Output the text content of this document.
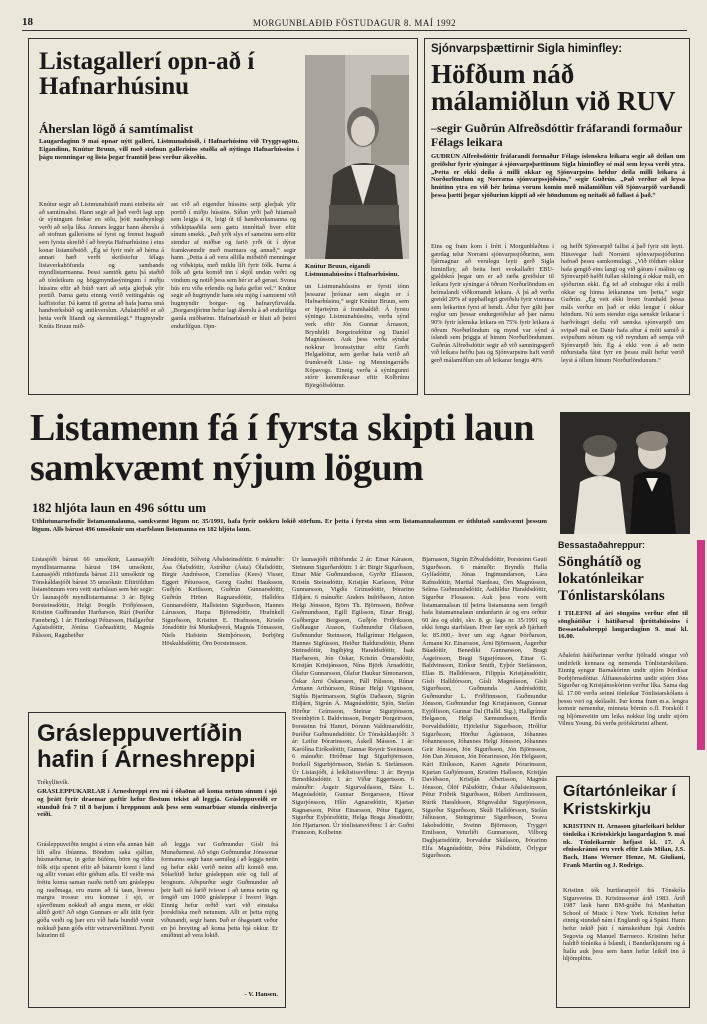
18	MORGUNBLAÐIÐ FÖSTUDAGUR 8. MAÍ 1992
Listagallerí opn-að í Hafnarhúsinu
Áherslan lögð á samtímalist
Laugardaginn 9 maí opnar nýtt gallerí, Listmunahúsið, í Hafnarhúsinu við Tryggvagötu. Eigandinn, Knútur Bruun, vill með stofnun gallerísins stuðla að nýtingu Hafnarhússins í þágu menningar og lista þegar framtíð þess verður ákveðin.
Knútur segir að Listmunahúsið muni einbeita sér að samtímalist. Hann segir að það verði lagt upp úr sýningum frekar en sölu, þótt nauðsynlegt verði að selja líka. Annars leggur hann áherslu á að stofnun gallerísins sé fyrst og fremst hugsuð sem fyrsta skrefið í að breyta Hafnarhúsinu í eins konar listamiðstöð. „Ég sé fyrir mér að hérna á annari hæð verði skrifstofur félags listaverkahöfunda og sambands myndlistarmanna. Þessi samtök gætu þá staðið að tónleikum og höggmyndasýningum í miðju hússins eftir að búið væri að setja glerþak yfir portið. Þarna gætu einnig verið veitingahús og kaffistofur. Þá kæmi til greina að hafa þarna smá handverksbúð og antikverslun. Aðalatriðið er að þetta verði lifandi og skemmtilegt.“ Hugmyndir Knúts Bruun mið-
ast við að eigendur hússins setji glerþak yfir portið í miðju hússins. Síðan yrði það hitamað sem leigja á öt, leigt út til handverksmanna og viðskiptaaðila sem gætu innréttað hver eftir sínum smekk. „Það yrði slys ef sameinu sem eftir stendur af miðbæ og fariö yrði út í dýrar framkvæmdir með marmara og annað,“ segir hann. „Þetta á að vera allilla miðstöð menningar og viðskipta, með miklu lífi fyrir fólk. Þarna á fólk að geta komið inn í skjól undan veðri og vindum og notið þess sem hér er að gerast. Svona hús eru víða erlendis og hafa gefist vel.“ Knútur segir að hugmyndir hans séu mjög í samræmi við hugmyndir borgar- og hafnaryfirvalda. „Borgarstjórinn hefur lagt áherslu á að endurlífga gamla miðbæinn. Hafnarhúsið er hluti að þeirri endurlífgun. Opn-
Knútur Bruun, eigandi Listmunahússins í Hafnarhúsinu.
un Listmunahússins er fyrsti tónn þessarar þróunar sem slegin er í Hafnarhúsinu,“ segir Knútur Bruun, sem er bjartsýnn á framhaldið. Á fyrstu sýningu Listmunahússins, verða sýnd verk eftir Jón Gunnar Árnason, Brynhildi Þorgeirsdóttur og Daníel Magnússon. Auk þess verða sýndar nokkrar bronsstyttur eftir Gerði Helgadóttur, sem gerðar hafa verið að frumkvæði Lista- og Menningarráðs Kópavogs. Einnig verða á sýningunni stórir keramikvasar eftir Kolbrúnu Björgólfsdóttur.
Sjónvarpsþættirnir Sigla himinfley:
Höfðum náð málamiðlun við RUV
–segir Guðrún Alfreðsdóttir fráfarandi formaður Félags leikara
GUÐRÚN Alfreðsdóttir fráfarandi formaður Félags íslenskra leikara segir að deilan um greiðslur fyrir sýningar á sjónvarpsþættinum Sigla himinfley sé mál sem leysa verði ytra. „Þetta er ekki deila á milli okkar og Sjónvarpsins heldur deila milli leikara á Norðurlöndum og Norræna sjónvarpssjóðsins,“ segir Guðrún. „Það verður að leysa hnútinn ytra en við hér heima vorum komin með málamiðlun við Sjónvarpið varðandi þessa þætti þegar sjóðurinn kippti að sér höndunum og neitaði að fallast á það.“
Eins og fram kom í frétt í Morgunblaðinu í gærdag telur Norræni sjónvarpssjóðurinn, sem fjármagnar að verulegu leyti gerð Sigla himinfley, að beita beri svokallaðri EBU-gjaldskrá þegar um er að ræða greiðslur til leikara fyrir sýningar á öðrum Norðurlöndum en heimalandi viðkomandi leikara. Á þá að verða greidd 20% af upphaflegri greiðslu fyrir vinnuna sem leikarinn fyrst af hendi. Áður fyrr gilti þær reglur um þessar endurgreiðslur að þær námu 90% fyrir íslenska leikara en 75% fyrir leikara á öðrum Norðurlöndum og mynd var sýnd á íslandi sem þriggja af hinum Norðurlöndunum. Guðrún Alfreðsdóttir segir að við samningsgerð við leikara hefðu þau og Sjónvarpsins haft verið gerð málamiðlun um að leikarar fengju 40%
og hefði Sjónvarpið fallist á það fyrir sitt leyti. Hinsvegar hafi Norræni sjónvarpssjóðurinn hafnað þessu samkomulagi. „Við töldum okkur hafa gengið eins langt og við gátum í málinu og Sjónvarpið hafði fullan skilning á okkar máli, en sjóðurinn ekki. Ég tel að einhugur ríki á milli okkar og hinna leikaranna um þetta,“ segir Guðrún. „Ég veit ekki hvert framhald þessa máls verður en það er ekki lengur í okkar höndum. Nú sem stendur eiga sænskir leikarar í harðvítugri deilu við sænska sjónvarpið um svipað mál en Danir hafa aftur á móti samið á svipuðum nótum og við reyndum að semja við Sjónvarpið hér. Ég á ekki von á að nein niðurstaða fáist fyrr en þessu máli hefur verið leyst á öllum hinum Norðurlöndunum.“
Listamenn fá í fyrsta skipti laun samkvæmt nýjum lögum
182 hljóta laun en 496 sóttu um
Úthlutunarnefndir listamannalauna, samkvæmt lögum nr. 35/1991, hafa fyrir nokkru lokið störfum. Er þetta í fyrsta sinn sem listamannalaunum er úthlutað samkvæmt þessum lögum. Alls bárust 496 umsóknir um starfslaun listamanna en 182 hljóta laun.
Listasjóði bárust 66 umsóknir, Launasjóði myndlistarmanna bárust 184 umsóknir, Launasjóði rithöfunda bárust 211 umsóknir og Tónskáldasjóði bárust 35 umsóknir. Eftirtöldum listamönnum voru veitt starfslaun sem hér segir: Úr launasjóði myndlistarmanna: 3 ár: Björg Þorsteinsdóttir, Helgi Þorgils Friðjónsson, Kristinn Guðbrandur Harðarson, Rúrí (Þuríður Fannberg). 1 ár: Finnbogi Pétursson, Hallgerður Ágústsdóttir, Jónína Guðnadóttir, Magnús Pálsson, Ragnheiður
Jónsdóttir, Sólveig Aðalsteinsdóttir. 6 mánuðir: Ása Ólafsdóttir, Ástríður (Ásta) Ólafsdóttir, Birgir Andrésson, Cornelíus (Kees) Visser, Eggert Pétursson, Georg Guðni Hauksson, Guðjón Ketilsson, Guðrún Gunnarsdóttir, Guðrún Hrönn Ragnarsdóttir, Halldóra Gunnarsdóttir, Hallsteinn Sigurðsson, Hannes Lárusson, Harpa Björnsdóttir, Hrafnkell Sigurðsson, Kristinn E. Hrafnsson, Kristín Jónsdóttir frá Munkaþverá, Magnús Tómasson, Níels Hafstein Steinþórsson, Þorbjörg Höskuldsdóttir, Örn Þorsteinsson.
Úr launasjóði rithöfunda: 2 ár: Einar Kárason, Steinunn Sigurðardóttir. 1 ár: Birgir Sigurðsson, Einar Már Guðmundsson, Gyrðir Elíasson, Kristín Steinsdóttir, Kristján Karlsson, Pétur Gunnarsson, Vigdís Grímsdóttir, Þórarinn Eldjárn. 6 mánuðir: Anders Indriðason, Anton Helgi Jónsson, Björn Th. Björnsson, Böðvar Guðmundsson, Egill Egilsson, Einar Bragi, Guðbergur Bergsson, Guðjón Friðriksson, Guðlaugur Arason, Guðmundur Ólafsson, Guðmundur Steinsson, Hallgrímur Helgason, Hannes Sigfússon, Heiður Baldursdóttir, Iðunn Steinsdóttir, Ingibjörg Haraldsdóttir, Ísak Harðarson, Jón Óskar, Kristín Ómarsdóttir, Kristján Kristjánsson, Nína Björk Árnadóttir, Ólafur Gunnarsson, Ólafur Haukur Símonarson, Óskar Árni Óskarsson, Páll Pálsson, Rúnar Ármann Arthúrsson, Rúnar Helgi Vignisson, Sigfús Bjartmarsson, Sigfús Daðason, Sigrún Eldjárn, Sigrún Á. Magnúsdóttir, Sjón, Stefán Hörður Grímsson, Steinar Sigurjónsson, Sveinbjörn I. Baldvinsson, Þorgeir Þorgeirsson, Þorsteinn frá Hamri, Þórunn Valdimarsdóttir, Þuríður Guðmundsdóttir. Úr Tónskáldasjóði: 3 ár: Leifur Þórarinsson, Áskell Másson. 1 ár: Karólína Eiríksdóttir, Gunnar Reynir Sveinsson. 6 mánuðir: Hróðmar Ingi Sigurbjörnsson, Þorkell Sigurbjörnsson, Stefán S. Stefánsson. Úr Listasjóði, á leiklistissviðinu: 3 ár: Brynja Benediktsdóttir. 1 ár: Viðar Eggertsson. 6 mánuðir: Ásgeir Sigurvaldason, Bára L. Magnúsdóttir, Gunnar Borgarsson, Hávar Sigurjónsson, Hlín Agnarsdóttir, Kjartan Ragnarsson, Pétur Einarsson, Pétur Eggerz, Sigurður Eyþórsdóttir, Helga Braga Jónsdóttir, Jón Hjartarson. Úr tónlistarsviðinu: 1 ár: Guðni Franzson, Kolbeinn
Bjarnason, Sigrún Eðvaldsdóttir, Þorsteinn Gauti Sigurðsson. 6 mánuðir: Bryndís Halla Gylfadóttir, Jónas Ingimundarson, Lára Rafnsdóttir, Martial Nardeau, Örn Magnússon, Selma Guðmundsdóttir, Ásthildur Haraldsdóttir, Sigurður Flosason. Auk þess voru veitt listamannalaun til þeirra listamanna sem fengið hafa listamannalaun undanfarin ár og eru orðnir 60 ára og eldri, skv. 8. gr. laga nr. 35/1991 og ekki fengu starfslaun. Hver fær styrk að fjárhæð kr. 85.000,- hver um sig: Agnar Þórðarson, Ármann Kr. Einarsson, Árni Björnsson, Ásgerður Búadóttir, Benedikt Gunnarsson, Bragi Ásgeirsson, Bragi Sigurjónsson, Einar G. Baldvinsson, Eiríkur Smith, Eyþór Stefánsson, Elías B. Halldórsson, Filippía Kristjánsdóttir, Gísli Halldórsson, Gísli Magnússon, Gísli Sigurðsson, Guðmunda Andrésdóttir, Guðmundur L. Friðfinnsson, Guðmundur Jónsson, Guðmundur Ingi Kristjánsson, Gunnar Eyjólfsson, Gunnar Dal (Halld. Sig.), Hallgrímur Helgason, Helgi Sæmundsson, Herdís Þorvaldsdóttir, Hjörleifur Sigurðsson, Hrólfur Sigurðsson, Hörður Ágústsson, Jóhannes Jóhannesson, Jóhannes Helgi Jónsson, Jóhannes Geir Jónsson, Jón Sigurðsson, Jón Björnsson, Jón Dan Jónsson, Jón Þórarinsson, Jón Helgason, Kári Eiríksson, Karen Agnete Þórarinsson, Kjartan Guðjónsson, Kristinn Hallsson, Kristján Davíðsson, Kristján Albertsson, Magnús Jónsson, Ólöf Pálsdóttir, Óskar Aðalsteinsson, Pétur Friðrik Sigurðsson, Róbert Arnfinnsson, Rúrik Haraldsson, Rögnvaldur Sigurjónsson, Sigurður Sigurðsson, Skúli Halldórsson, Stefán Júlíusson, Steingrímur Sigurðsson, Svava Jakobsdóttir, Sveinn Björnsson, Tryggvi Emilsson, Veturliði Gunnarsson, Vilborg Dagbjartsdóttir, Þorvaldur Skúlason, Þórarinn Elfa Magnúsdóttir, Þóra Pálsdóttir, Örlygur Sigurðsson.
Bessastaðahreppur:
Sönghátíð og lokatónleikar Tónlistarskólans
Í TILEFNI af ári söngsins verður efnt til sönghátíðar í hátíðarsal íþróttahússins í Bessastaðahreppi laugardaginn 9. maí kl. 16.00.
Aðalefni hátíðarinnar verður fjölradd söngur við undirleik kennara og nemenda Tónlistarskólans. Einnig syngur Barnakórinn undir stjórn Þórdísar Þorbjörnsdóttur. Álftanesskórinn undir stjórn Jóns Sigurðar og Kristjánsskórinn verður líka. Sama dag kl. 17.00 verða seinni tónleikar Tónlistarskólans á þessu vori og skólaslit. Þar koma fram m.a. lengra komnir nemendur, minnsta börnin o.fl. Forskóli I og hljómsveitin um leika nokkur lög undir stjórn Vilmu Young. Þá verða prófskírteini afhent.
Gítartónleikar í Kristskirkju
KRISTINN H. Árnason gítarleikari heldur tónleika í Kristskirkju laugardaginn 9. maí nk. Tónleikarnir hefjast kl. 17. Á efnisskránni eru verk eftir Luis Milan, J.S. Bach, Hans Werner Henze, M. Giuliani, Frank Martin og J. Rodrigo.
Kristinn tók burtfararpróf frá Tónskóla Sigursveins D. Kristinssonar árið 1983. Árið 1987 lauk hann BM-gráðu frá Manhattan School of Music í New York. Kristinn hefur einnig stundað nám í Englandi og á Spáni. Hann hefur tekið þátt í námskeiðum hjá Andrés Segovia og Manuel Barrueco. Kristinn hefur haldið tónleika á Íslandi, í Bandaríkjunum og á Ítalíu auk þess sem hann hefur leikið inn á hljómplötu.
Grásleppuvertíðin hafin í Árneshreppi
Trékyllisvík.
GRÁSLEPPUKARLAR í Árneshreppi eru nú í óðaönn að koma netum sínum í sjó og þrátt fyrir draemar gæftir hefur flestum tekist að leggja. Grásleppuveiði er stunduð frá 7 til 8 bæjum í hreppnum auk þess sem sumarbúar stunda einhverja veiði.
Grásleppuveiðin tengist á einn eða annan hátt lífi allra íbúanna. Böndum saka sjálfan, húsmæðurnar, in gefur búfénu, börn og eldra fólk sitja spennt eftir að bátarnir komi í land og allir vonast eftir góðum afla. Ef veiðir má fréttu koma saman rauða netið um grásleppu og rauðmaga, eru menn að fá taun, hversu margra trossur eru komnar í sjó, er sjávrðinum nokkuð að angra menn, er ekki alltið gott? Að sögn Gunnars er allt útlit fyrir góða veiði og þær eru víð hafa bundið vonir nokkuð þann góðs eftir vetrarvertíðinni. Fyrsti báturinn til
að leggja var Guðmundur Gísli frá Munaðarnesi. Að sögn Guðmundar Jónssonar formanns segir hann sæmileg í að leggja netin og hefur ekki verið neinn afli komið enn. Sólarlítið hefur grásleppan stór og full af hrognum. Aðspurður segir Guðmundur að þeir hafi nú farið tvisvar í að tæma netin og fengið um 1000 grásleppur í hvorri lögn. Einnig hefur orðið vart við einstaka þorskfiska með netunum. Allt er þetta mjög viðunandi, segir hann. Það er óhagstætt veður en þó breyting að koma þetta hjá okkur. Er smíðinni að vera lokið.
- V. Hansen.
